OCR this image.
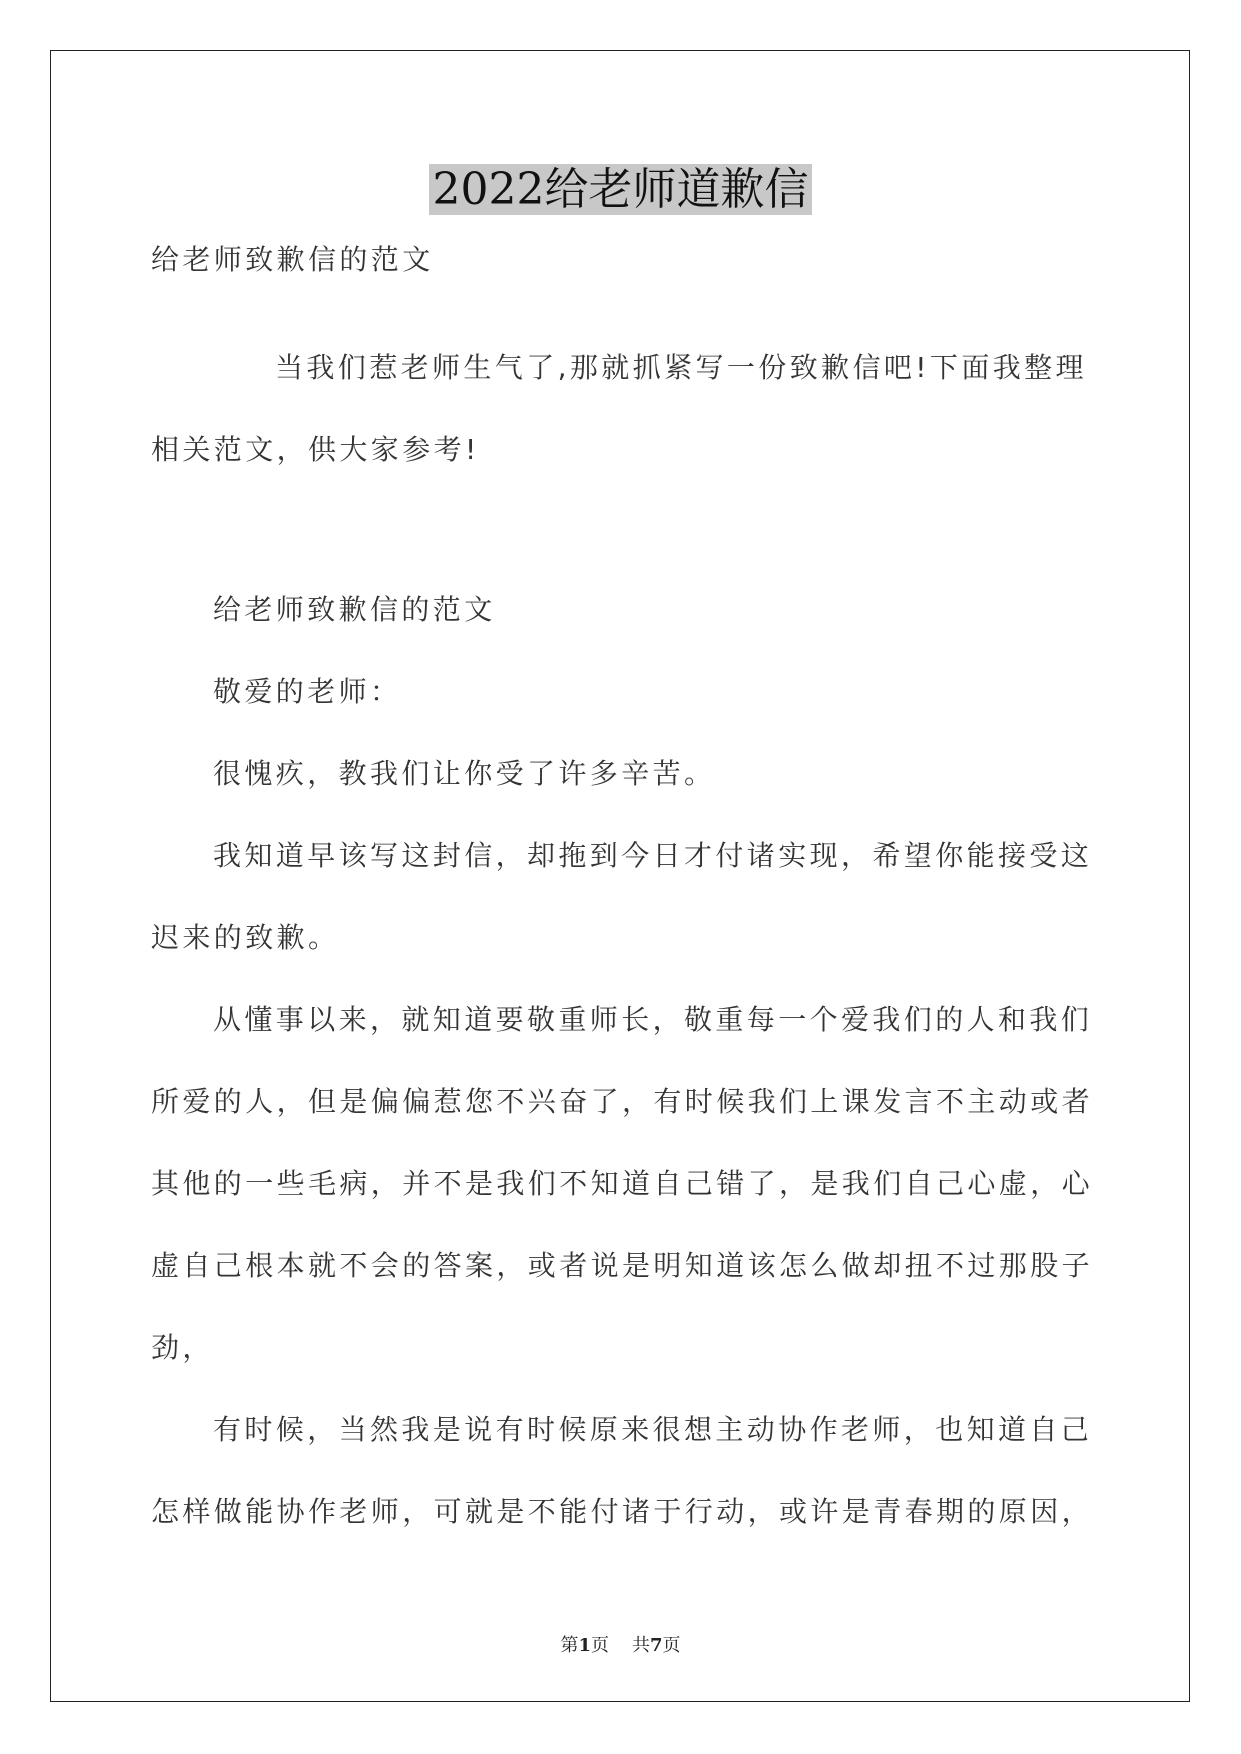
2022给老师道歉信
给老师致歉信的范文
当我们惹老师生气了,那就抓紧写一份致歉信吧!下面我整理
相关范文，供大家参考!
给老师致歉信的范文
敬爱的老师：
很愧疚，教我们让你受了许多辛苦。
我知道早该写这封信，却拖到今日才付诸实现，希望你能接受这
迟来的致歉。
从懂事以来，就知道要敬重师长，敬重每一个爱我们的人和我们
所爱的人，但是偏偏惹您不兴奋了，有时候我们上课发言不主动或者
其他的一些毛病，并不是我们不知道自己错了，是我们自己心虚，心
虚自己根本就不会的答案，或者说是明知道该怎么做却扭不过那股子
劲，
有时候，当然我是说有时候原来很想主动协作老师，也知道自己
怎样做能协作老师，可就是不能付诸于行动，或许是青春期的原因，
第1页 共7页
